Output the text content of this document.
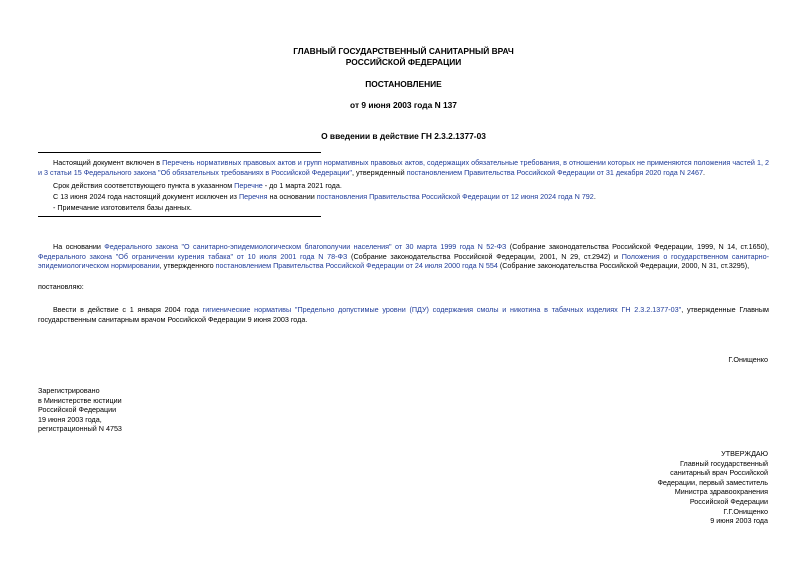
ГЛАВНЫЙ ГОСУДАРСТВЕННЫЙ САНИТАРНЫЙ ВРАЧ
РОССИЙСКОЙ ФЕДЕРАЦИИ
ПОСТАНОВЛЕНИЕ
от 9 июня 2003 года N 137
О введении в действие ГН 2.3.2.1377-03
Настоящий документ включен в Перечень нормативных правовых актов и групп нормативных правовых актов, содержащих обязательные требования, в отношении которых не применяются положения частей 1, 2 и 3 статьи 15 Федерального закона "Об обязательных требованиях в Российской Федерации", утвержденный постановлением Правительства Российской Федерации от 31 декабря 2020 года N 2467.
Срок действия соответствующего пункта в указанном Перечне - до 1 марта 2021 года.
С 13 июня 2024 года настоящий документ исключен из Перечня на основании постановления Правительства Российской Федерации от 12 июня 2024 года N 792.
- Примечание изготовителя базы данных.
На основании Федерального закона "О санитарно-эпидемиологическом благополучии населения" от 30 марта 1999 года N 52-ФЗ (Собрание законодательства Российской Федерации, 1999, N 14, ст.1650), Федерального закона "Об ограничении курения табака" от 10 июля 2001 года N 78-ФЗ (Собрание законодательства Российской Федерации, 2001, N 29, ст.2942) и Положения о государственном санитарно-эпидемиологическом нормировании, утвержденного постановлением Правительства Российской Федерации от 24 июля 2000 года N 554 (Собрание законодательства Российской Федерации, 2000, N 31, ст.3295),
постановляю:
Ввести в действие с 1 января 2004 года гигиенические нормативы "Предельно допустимые уровни (ПДУ) содержания смолы и никотина в табачных изделиях ГН 2.3.2.1377-03", утвержденные Главным государственным санитарным врачом Российской Федерации 9 июня 2003 года.
Г.Онищенко
Зарегистрировано
в Министерстве юстиции
Российской Федерации
19 июня 2003 года,
регистрационный N 4753
УТВЕРЖДАЮ
Главный государственный
санитарный врач Российской
Федерации, первый заместитель
Министра здравоохранения
Российской Федерации
Г.Г.Онищенко
9 июня 2003 года
